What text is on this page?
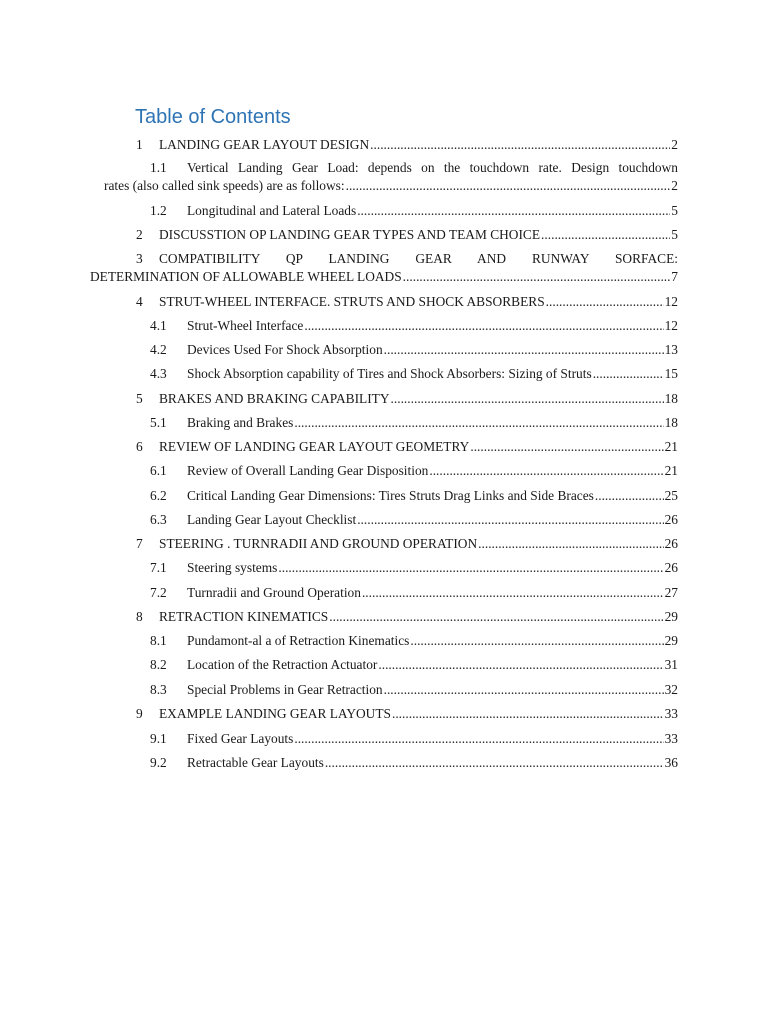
Table of Contents
1	LANDING GEAR LAYOUT DESIGN .....	2
1.1	Vertical Landing Gear Load: depends on the touchdown rate. Design touchdown
rates (also called sink speeds) are as follows: .....	2
1.2	Longitudinal and Lateral Loads .....	5
2	DISCUSSTION OP LANDING GEAR TYPES AND TEAM CHOICE .....	5
3	COMPATIBILITY QP LANDING GEAR AND RUNWAY SORFACE:
DETERMINATION OF ALLOWABLE WHEEL LOADS .....	7
4	STRUT-WHEEL INTERFACE. STRUTS AND SHOCK ABSORBERS .....	12
4.1	Strut-Wheel Interface .....	12
4.2	Devices Used For Shock Absorption .....	13
4.3	Shock Absorption capability of Tires and Shock Absorbers: Sizing of Struts .....	15
5	BRAKES AND BRAKING CAPABILITY .....	18
5.1	Braking and Brakes .....	18
6	REVIEW OF LANDING GEAR LAYOUT GEOMETRY .....	21
6.1	Review of Overall Landing Gear Disposition .....	21
6.2	Critical Landing Gear Dimensions: Tires Struts Drag Links and Side Braces .....	25
6.3	Landing Gear Layout Checklist .....	26
7	STEERING . TURNRADII AND GROUND OPERATION .....	26
7.1	Steering systems .....	26
7.2	Turnradii and Ground Operation .....	27
8	RETRACTION KINEMATICS .....	29
8.1	Pundamont-al a of Retraction Kinematics .....	29
8.2	Location of the Retraction Actuator .....	31
8.3	Special Problems in Gear Retraction .....	32
9	EXAMPLE LANDING GEAR LAYOUTS .....	33
9.1	Fixed Gear Layouts .....	33
9.2	Retractable Gear Layouts .....	36
